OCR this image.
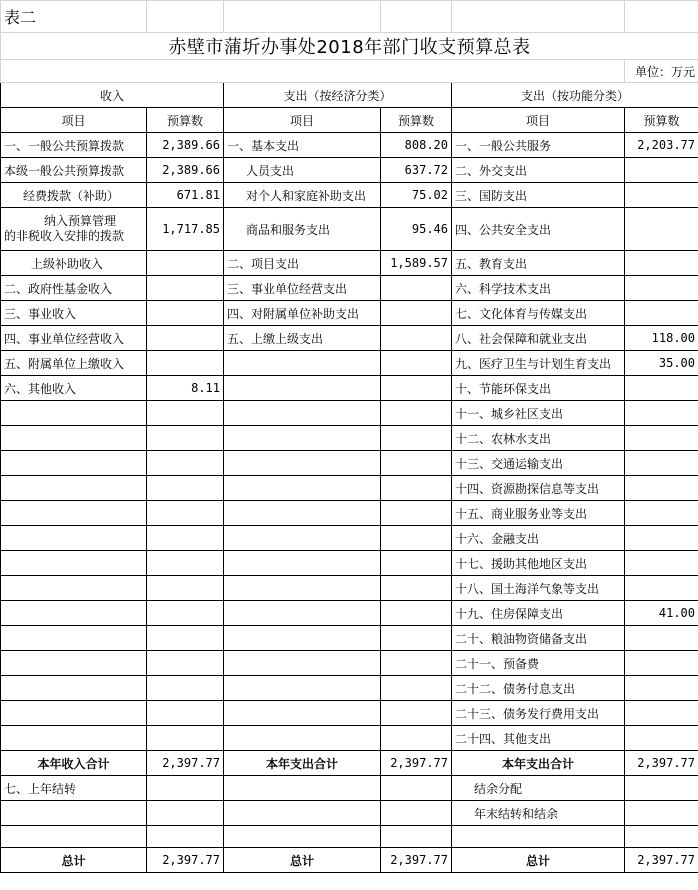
表二					
赤壁市蒲圻办事处2018年部门收支预算总表					
					单位：万元
收入		支出（按经济分类）		支出（按功能分类）	
项目	预算数	项目	预算数	项目	预算数
一、一般公共预算拨款	2,389.66	一、基本支出	808.20	一、一般公共服务	2,203.77
本级一般公共预算拨款	2,389.66	人员支出	637.72	二、外交支出	
经费拨款（补助）	671.81	对个人和家庭补助支出	75.02	三、国防支出	

纳入预算管理
的非税收入安排的拨款	1,717.85	商品和服务支出	95.46	四、公共安全支出	
上级补助收入		二、项目支出	1,589.57	五、教育支出	
二、政府性基金收入		三、事业单位经营支出		六、科学技术支出	
三、事业收入		四、对附属单位补助支出		七、文化体育与传媒支出	
四、事业单位经营收入		五、上缴上级支出		八、社会保障和就业支出	118.00
五、附属单位上缴收入				九、医疗卫生与计划生育支出	35.00
六、其他收入	8.11			十、节能环保支出	
				十一、城乡社区支出	
				十二、农林水支出	
				十三、交通运输支出	
				十四、资源勘探信息等支出	
				十五、商业服务业等支出	
				十六、金融支出	
				十七、援助其他地区支出	
				十八、国土海洋气象等支出	
				十九、住房保障支出	41.00
				二十、粮油物资储备支出	
				二十一、预备费	
				二十二、债务付息支出	
				二十三、债务发行费用支出	
				二十四、其他支出	
本年收入合计	2,397.77	本年支出合计	2,397.77	本年支出合计	2,397.77
七、上年结转				结余分配	
				年末结转和结余	

总计	2,397.77	总计	2,397.77	总计	2,397.77
